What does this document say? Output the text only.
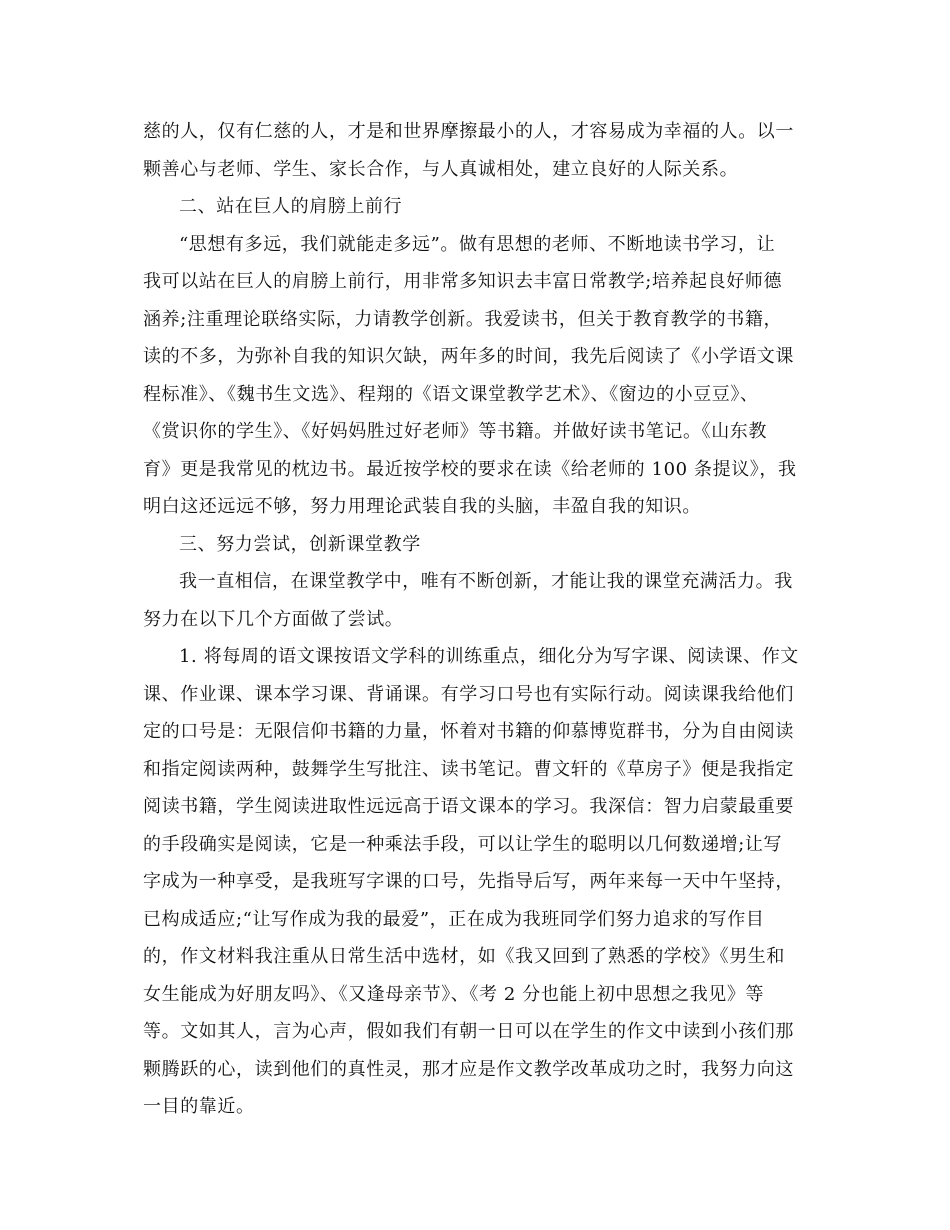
慈的人，仅有仁慈的人，才是和世界摩擦最小的人，才容易成为幸福的人。以一

颗善心与老师、学生、家长合作，与人真诚相处，建立良好的人际关系。

二、站在巨人的肩膀上前行

“思想有多远，我们就能走多远”。做有思想的老师、不断地读书学习，让

我可以站在巨人的肩膀上前行，用非常多知识去丰富日常教学;培养起良好师德

涵养;注重理论联络实际，力请教学创新。我爱读书，但关于教育教学的书籍，

读的不多，为弥补自我的知识欠缺，两年多的时间，我先后阅读了《小学语文课

程标准》、《魏书生文选》、程翔的《语文课堂教学艺术》、《窗边的小豆豆》、

《赏识你的学生》、《好妈妈胜过好老师》等书籍。并做好读书笔记。《山东教

育》更是我常见的枕边书。最近按学校的要求在读《给老师的 100 条提议》，我

明白这还远远不够，努力用理论武装自我的头脑，丰盈自我的知识。

三、努力尝试，创新课堂教学

我一直相信，在课堂教学中，唯有不断创新，才能让我的课堂充满活力。我

努力在以下几个方面做了尝试。

1. 将每周的语文课按语文学科的训练重点，细化分为写字课、阅读课、作文

课、作业课、课本学习课、背诵课。有学习口号也有实际行动。阅读课我给他们

定的口号是：无限信仰书籍的力量，怀着对书籍的仰慕博览群书，分为自由阅读

和指定阅读两种，鼓舞学生写批注、读书笔记。曹文轩的《草房子》便是我指定

阅读书籍，学生阅读进取性远远高于语文课本的学习。我深信：智力启蒙最重要

的手段确实是阅读，它是一种乘法手段，可以让学生的聪明以几何数递增;让写

字成为一种享受，是我班写字课的口号，先指导后写，两年来每一天中午坚持，

已构成适应;“让写作成为我的最爱”，正在成为我班同学们努力追求的写作目

的，作文材料我注重从日常生活中选材，如《我又回到了熟悉的学校》《男生和

女生能成为好朋友吗》、《又逢母亲节》、《考 2 分也能上初中思想之我见》等

等。文如其人，言为心声，假如我们有朝一日可以在学生的作文中读到小孩们那

颗腾跃的心，读到他们的真性灵，那才应是作文教学改革成功之时，我努力向这

一目的靠近。
